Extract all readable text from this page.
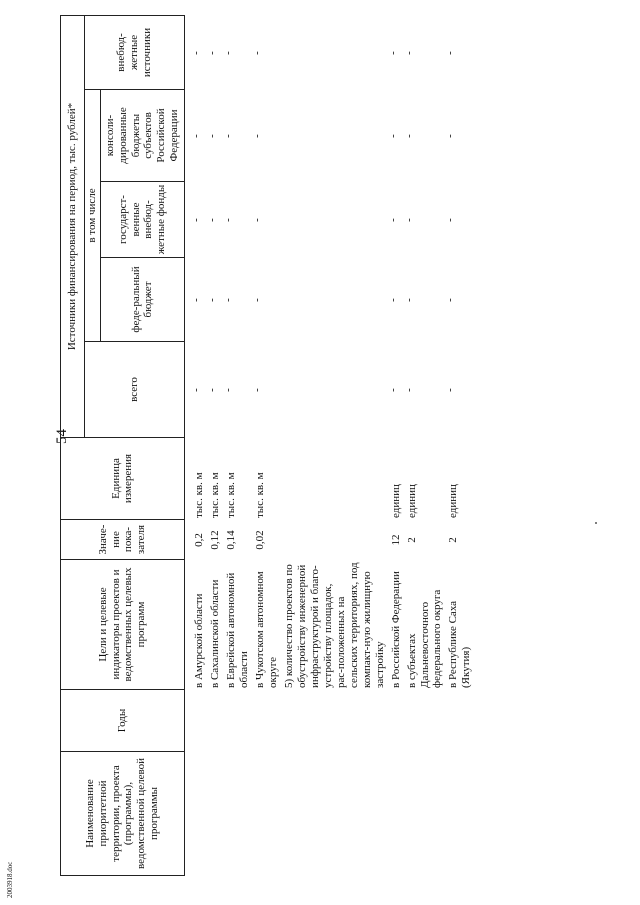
54
2003918.doc
Наименование приоритетной территории, проекта (программы), ведомственной целевой программы	Годы	Цели и целевые индикаторы проектов и ведомственных целевых программ	Значе-ние пока-зателя	Единица измерения	Источники финансирования на период, тыс. рублей*				
					всего	в том числе			внебюд-жетные источники
						феде-ральный бюджет	государст-венные внебюд-жетные фонды	консоли-дированные бюджеты субъектов Российской Федерации	
		в Амурской области	0,2	тыс. кв. м	-	-	-	-	-
		в Сахалинской области	0,12	тыс. кв. м	-	-	-	-	-
		в Еврейской автономной области	0,14	тыс. кв. м	-	-	-	-	-
		в Чукотском автономном округе	0,02	тыс. кв. м	-	-	-	-	-
		5) количество проектов по обустройству инженерной инфраструктурой и благо-устройству площадок, рас-положенных на сельских территориях, под компакт-ную жилищную застройку							
		в Российской Федерации	12	единиц	-	-	-	-	-
		в субъектах Дальневосточного федерального округа	2	единиц	-	-	-	-	-
		в Республике Саха (Якутия)	2	единиц	-	-	-	-	-
